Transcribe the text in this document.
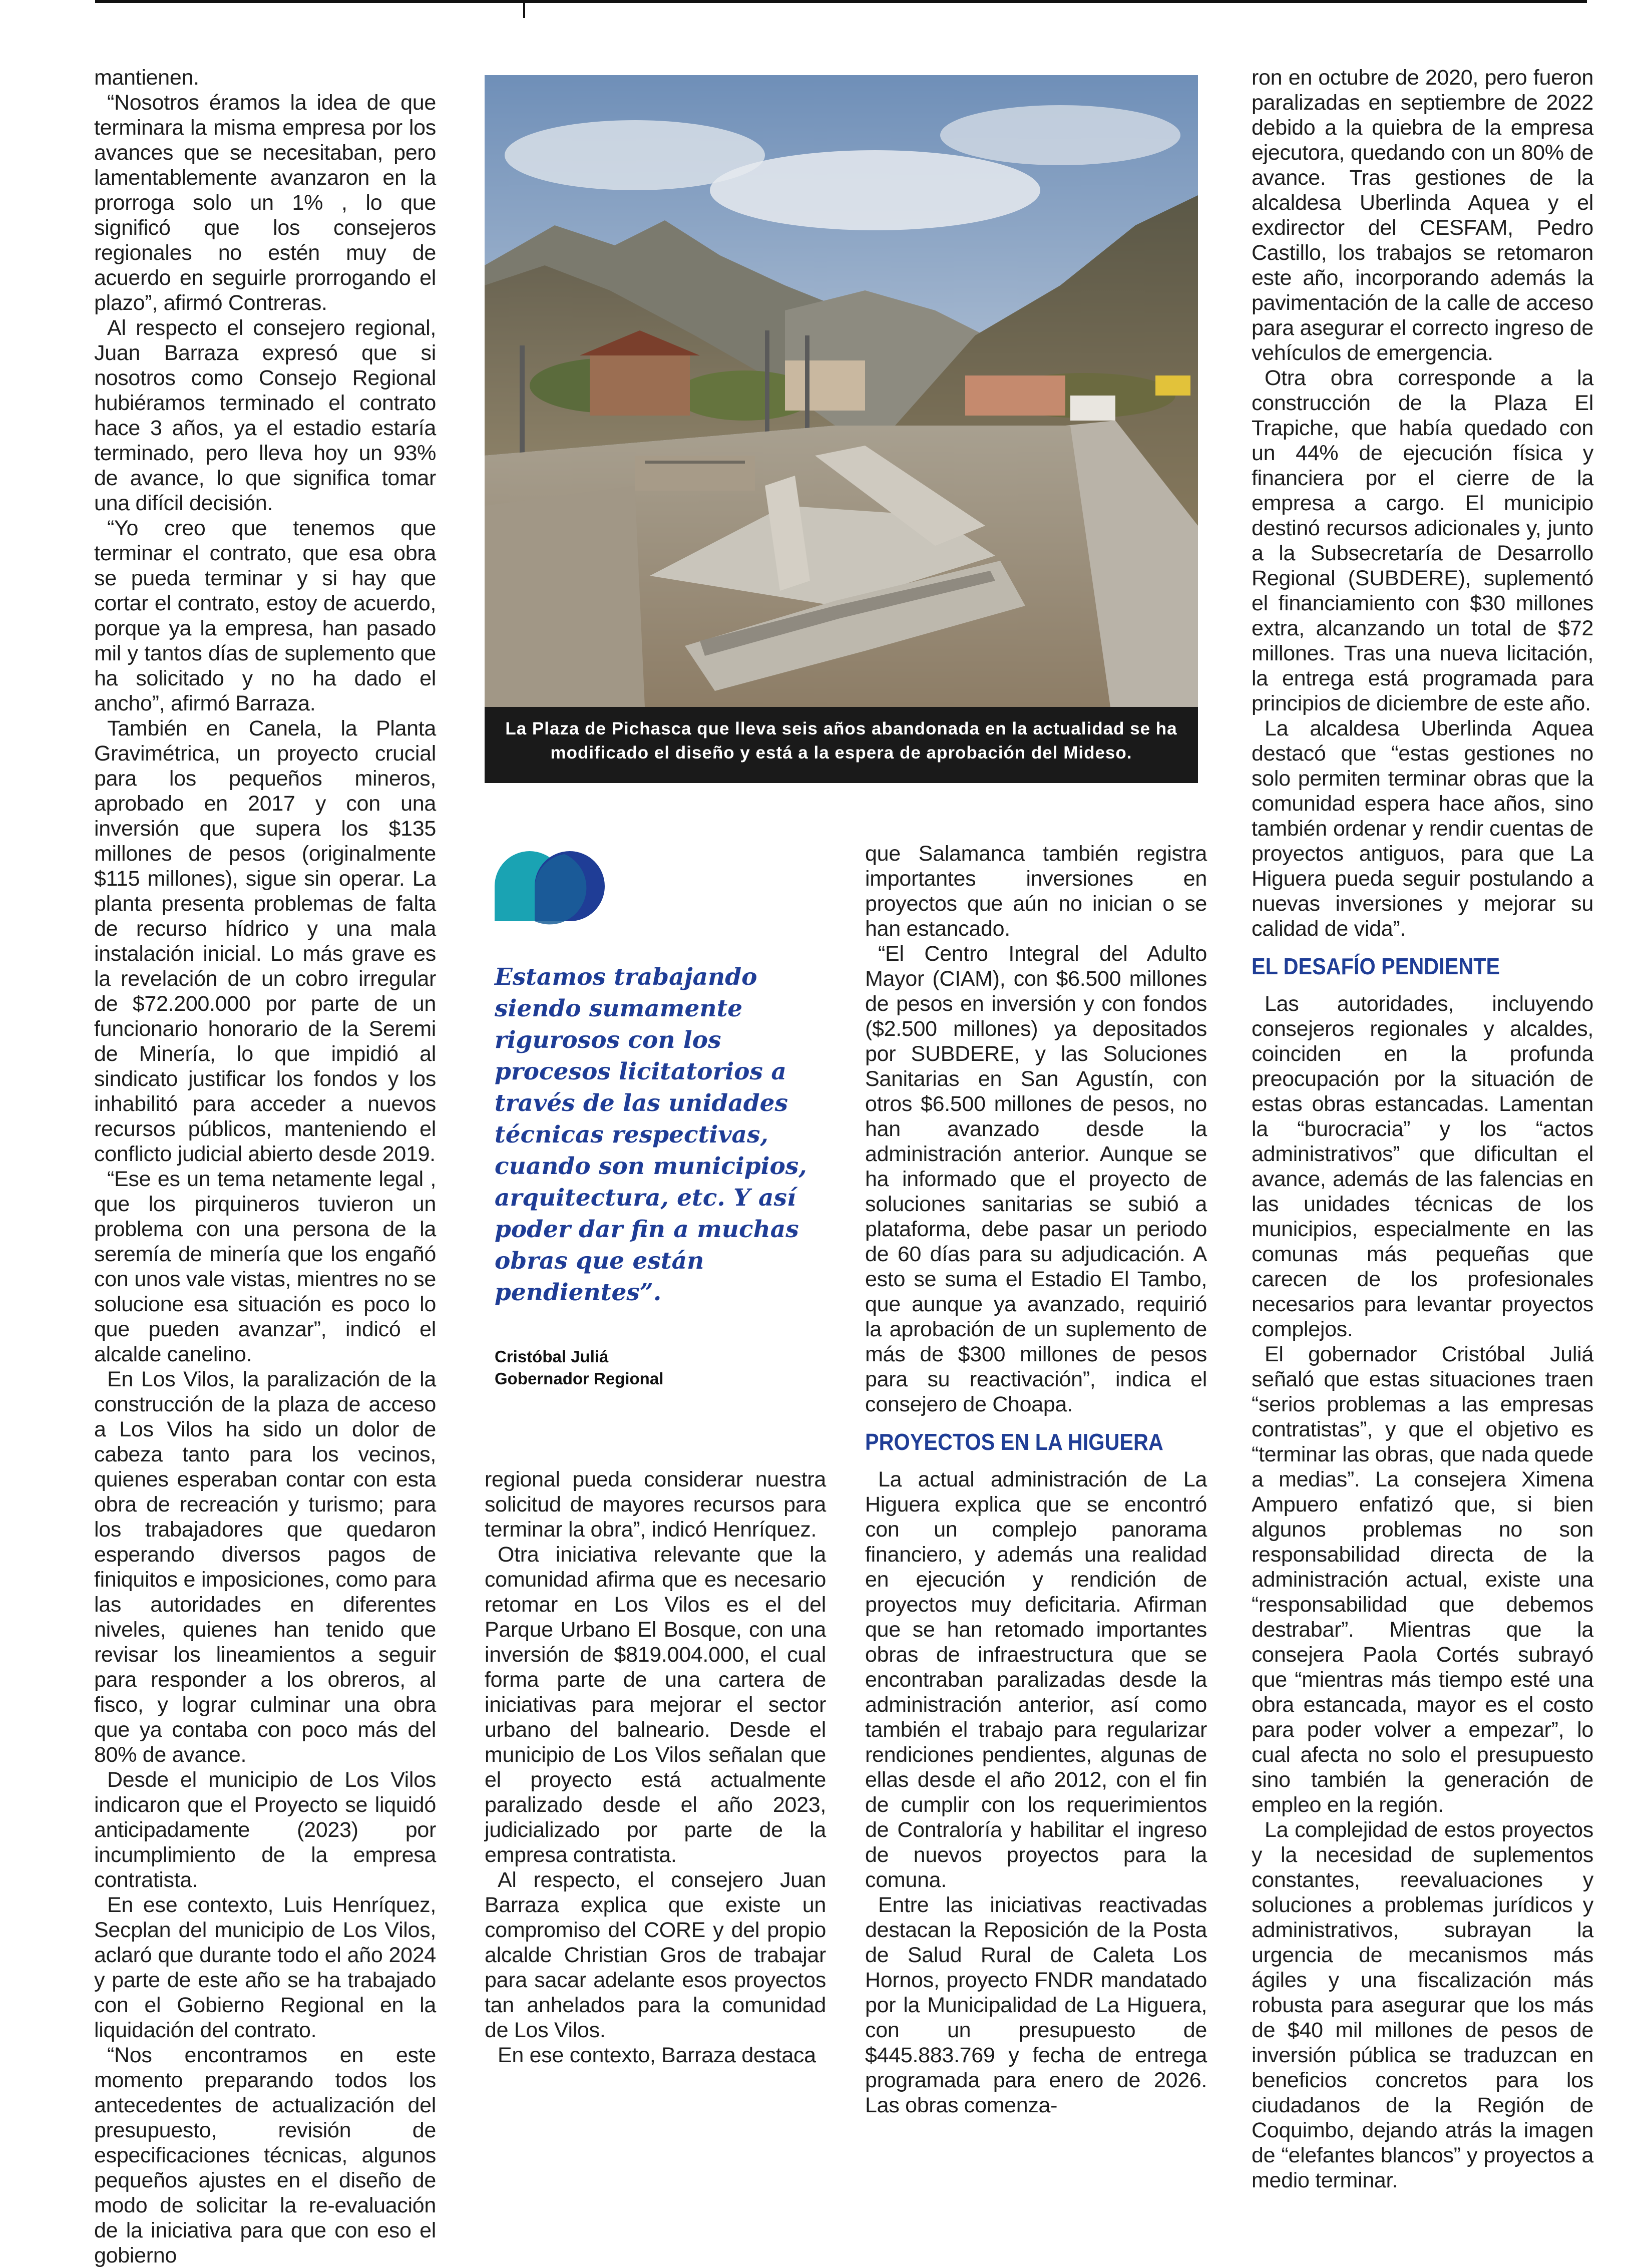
mantienen.

“Nosotros éramos la idea de que terminara la misma empresa por los avances que se necesitaban, pero lamentablemente avanzaron en la prorroga solo un 1% , lo que significó que los consejeros regionales no estén muy de acuerdo en seguirle prorrogando el plazo”, afirmó Contreras.

Al respecto el consejero regional, Juan Barraza expresó que si nosotros como Consejo Regional hubiéramos terminado el contrato hace 3 años, ya el estadio estaría terminado, pero lleva hoy un 93% de avance, lo que significa tomar una difícil decisión.

“Yo creo que tenemos que terminar el contrato, que esa obra se pueda terminar y si hay que cortar el contrato, estoy de acuerdo, porque ya la empresa, han pasado mil y tantos días de suplemento que ha solicitado y no ha dado el ancho”, afirmó Barraza.

También en Canela, la Planta Gravimétrica, un proyecto crucial para los pequeños mineros, aprobado en 2017 y con una inversión que supera los $135 millones de pesos (originalmente $115 millones), sigue sin operar. La planta presenta problemas de falta de recurso hídrico y una mala instalación inicial. Lo más grave es la revelación de un cobro irregular de $72.200.000 por parte de un funcionario honorario de la Seremi de Minería, lo que impidió al sindicato justificar los fondos y los inhabilitó para acceder a nuevos recursos públicos, manteniendo el conflicto judicial abierto desde 2019.

“Ese es un tema netamente legal , que los pirquineros tuvieron un problema con una persona de la seremía de minería que los engañó con unos vale vistas, mientres no se solucione esa situación es poco lo que pueden avanzar”, indicó el alcalde canelino.

En Los Vilos, la paralización de la construcción de la plaza de acceso a Los Vilos ha sido un dolor de cabeza tanto para los vecinos, quienes esperaban contar con esta obra de recreación y turismo; para los trabajadores que quedaron esperando diversos pagos de finiquitos e imposiciones, como para las autoridades en diferentes niveles, quienes han tenido que revisar los lineamientos a seguir para responder a los obreros, al fisco, y lograr culminar una obra que ya contaba con poco más del 80% de avance.

Desde el municipio de Los Vilos indicaron que el Proyecto se liquidó anticipadamente (2023) por incumplimiento de la empresa contratista.

En ese contexto, Luis Henríquez, Secplan del municipio de Los Vilos, aclaró que durante todo el año 2024 y parte de este año se ha trabajado con el Gobierno Regional en la liquidación del contrato.

“Nos encontramos en este momento preparando todos los antecedentes de actualización del presupuesto, revisión de especificaciones técnicas, algunos pequeños ajustes en el diseño de modo de solicitar la re-evaluación de la iniciativa para que con eso el gobierno

La Plaza de Pichasca que lleva seis años abandonada en la actualidad se ha modificado el diseño y está a la espera de aprobación del Mideso.

Estamos trabajando siendo sumamente rigurosos con los procesos licitatorios a través de las unidades técnicas respectivas, cuando son municipios, arquitectura, etc. Y así poder dar fin a muchas obras que están pendientes”.

Cristóbal Juliá
Gobernador Regional

regional pueda considerar nuestra solicitud de mayores recursos para terminar la obra”, indicó Henríquez.

Otra iniciativa relevante que la comunidad afirma que es necesario retomar en Los Vilos es el del Parque Urbano El Bosque, con una inversión de $819.004.000, el cual forma parte de una cartera de iniciativas para mejorar el sector urbano del balneario. Desde el municipio de Los Vilos señalan que el proyecto está actualmente paralizado desde el año 2023, judicializado por parte de la empresa contratista.

Al respecto, el consejero Juan Barraza explica que existe un compromiso del CORE y del propio alcalde Christian Gros de trabajar para sacar adelante esos proyectos tan anhelados para la comunidad de Los Vilos.

En ese contexto, Barraza destaca

que Salamanca también registra importantes inversiones en proyectos que aún no inician o se han estancado.

“El Centro Integral del Adulto Mayor (CIAM), con $6.500 millones de pesos en inversión y con fondos ($2.500 millones) ya depositados por SUBDERE, y las Soluciones Sanitarias en San Agustín, con otros $6.500 millones de pesos, no han avanzado desde la administración anterior. Aunque se ha informado que el proyecto de soluciones sanitarias se subió a plataforma, debe pasar un periodo de 60 días para su adjudicación. A esto se suma el Estadio El Tambo, que aunque ya avanzado, requirió la aprobación de un suplemento de más de $300 millones de pesos para su reactivación”, indica el consejero de Choapa.

PROYECTOS EN LA HIGUERA

La actual administración de La Higuera explica que se encontró con un complejo panorama financiero, y además una realidad en ejecución y rendición de proyectos muy deficitaria. Afirman que se han retomado importantes obras de infraestructura que se encontraban paralizadas desde la administración anterior, así como también el trabajo para regularizar rendiciones pendientes, algunas de ellas desde el año 2012, con el fin de cumplir con los requerimientos de Contraloría y habilitar el ingreso de nuevos proyectos para la comuna.

Entre las iniciativas reactivadas destacan la Reposición de la Posta de Salud Rural de Caleta Los Hornos, proyecto FNDR mandatado por la Municipalidad de La Higuera, con un presupuesto de $445.883.769 y fecha de entrega programada para enero de 2026. Las obras comenza-

ron en octubre de 2020, pero fueron paralizadas en septiembre de 2022 debido a la quiebra de la empresa ejecutora, quedando con un 80% de avance. Tras gestiones de la alcaldesa Uberlinda Aquea y el exdirector del CESFAM, Pedro Castillo, los trabajos se retomaron este año, incorporando además la pavimentación de la calle de acceso para asegurar el correcto ingreso de vehículos de emergencia.

Otra obra corresponde a la construcción de la Plaza El Trapiche, que había quedado con un 44% de ejecución física y financiera por el cierre de la empresa a cargo. El municipio destinó recursos adicionales y, junto a la Subsecretaría de Desarrollo Regional (SUBDERE), suplementó el financiamiento con $30 millones extra, alcanzando un total de $72 millones. Tras una nueva licitación, la entrega está programada para principios de diciembre de este año.

La alcaldesa Uberlinda Aquea destacó que “estas gestiones no solo permiten terminar obras que la comunidad espera hace años, sino también ordenar y rendir cuentas de proyectos antiguos, para que La Higuera pueda seguir postulando a nuevas inversiones y mejorar su calidad de vida”.

EL DESAFÍO PENDIENTE

Las autoridades, incluyendo consejeros regionales y alcaldes, coinciden en la profunda preocupación por la situación de estas obras estancadas. Lamentan la “burocracia” y los “actos administrativos” que dificultan el avance, además de las falencias en las unidades técnicas de los municipios, especialmente en las comunas más pequeñas que carecen de los profesionales necesarios para levantar proyectos complejos.

El gobernador Cristóbal Juliá señaló que estas situaciones traen “serios problemas a las empresas contratistas”, y que el objetivo es “terminar las obras, que nada quede a medias”. La consejera Ximena Ampuero enfatizó que, si bien algunos problemas no son responsabilidad directa de la administración actual, existe una “responsabilidad que debemos destrabar”. Mientras que la consejera Paola Cortés subrayó que “mientras más tiempo esté una obra estancada, mayor es el costo para poder volver a empezar”, lo cual afecta no solo el presupuesto sino también la generación de empleo en la región.

La complejidad de estos proyectos y la necesidad de suplementos constantes, reevaluaciones y soluciones a problemas jurídicos y administrativos, subrayan la urgencia de mecanismos más ágiles y una fiscalización más robusta para asegurar que los más de $40 mil millones de pesos de inversión pública se traduzcan en beneficios concretos para los ciudadanos de la Región de Coquimbo, dejando atrás la imagen de “elefantes blancos” y proyectos a medio terminar.
